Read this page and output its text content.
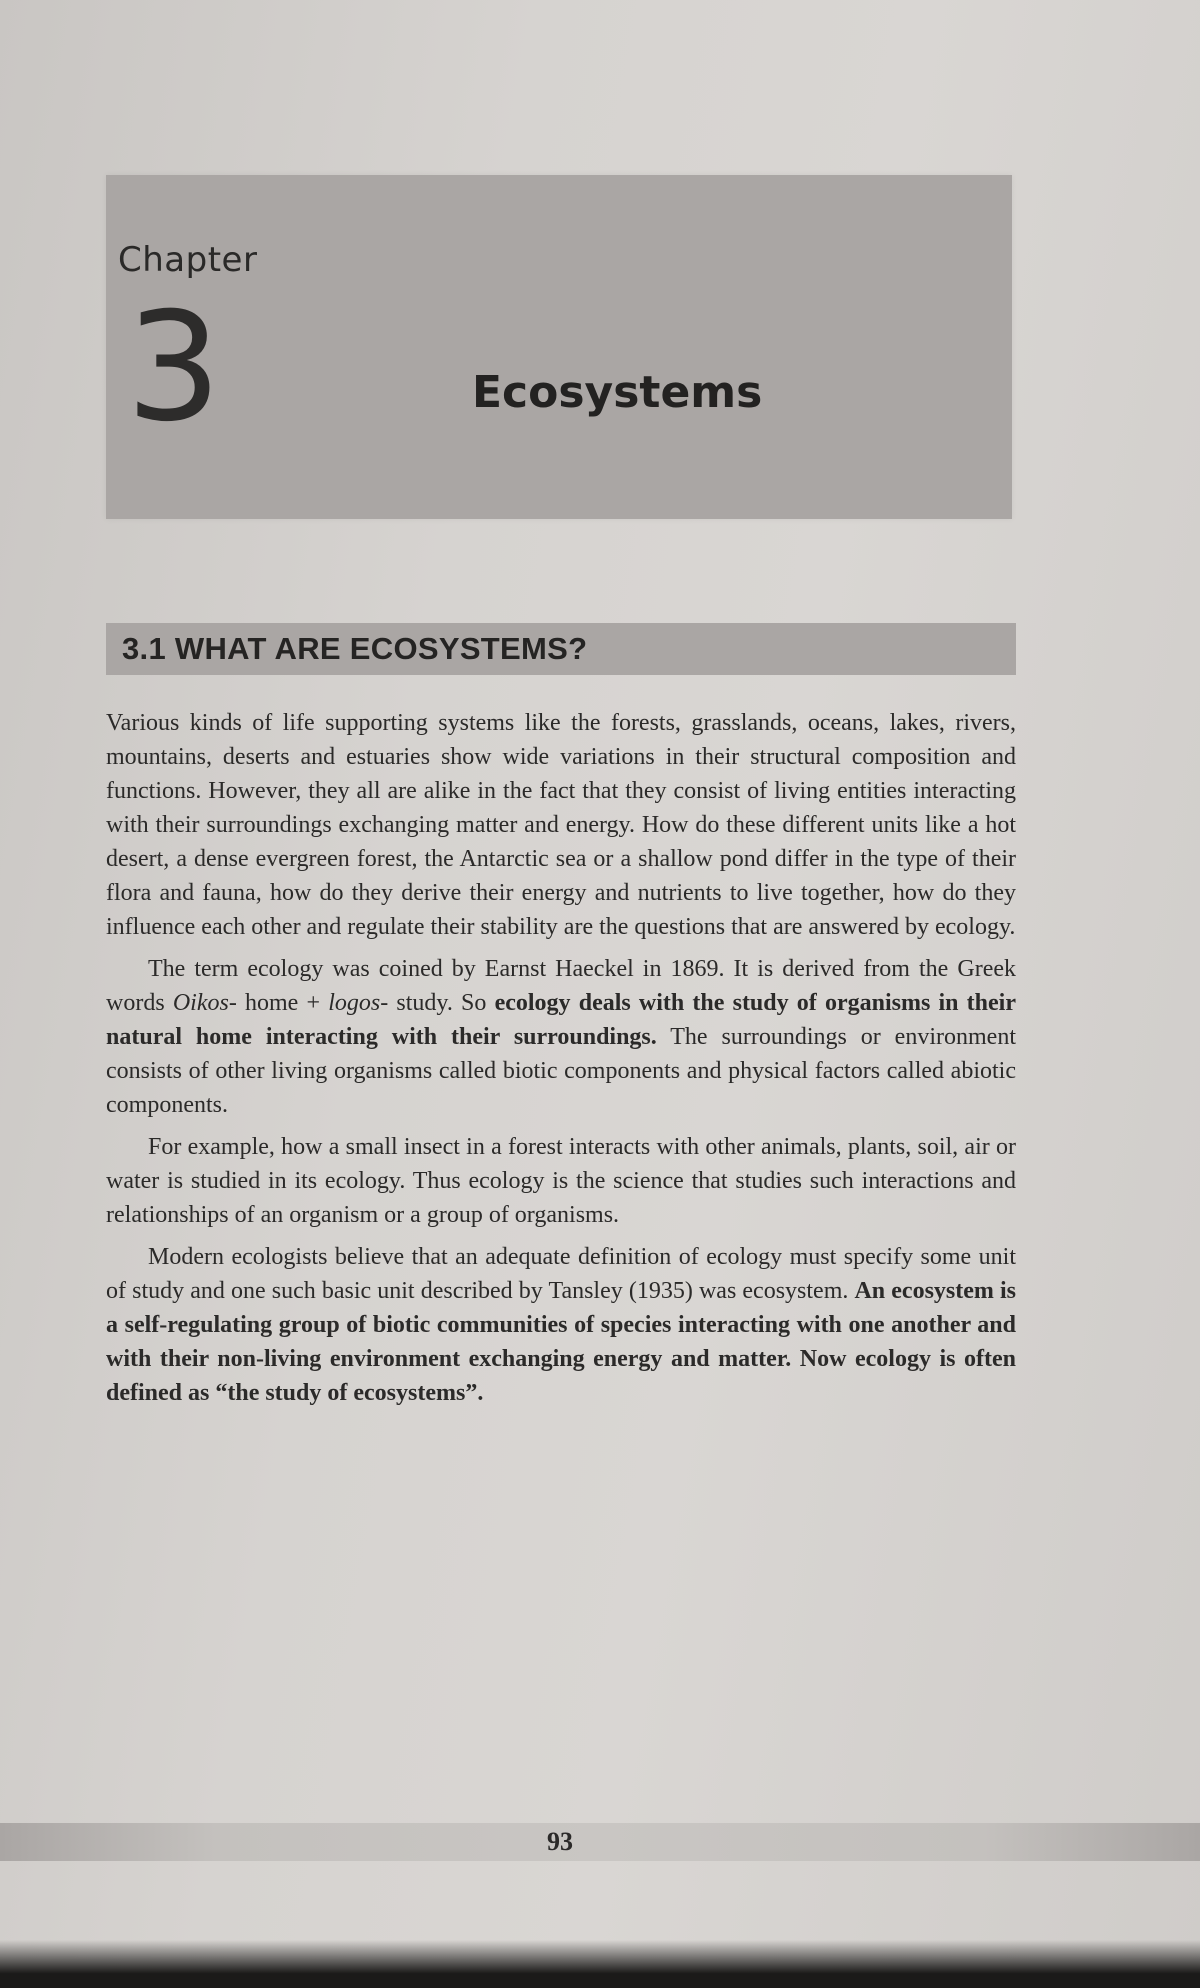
Chapter
3	Ecosystems
3.1 WHAT ARE ECOSYSTEMS?

Various kinds of life supporting systems like the forests, grasslands, oceans, lakes, rivers, mountains, deserts and estuaries show wide variations in their structural composition and functions. However, they all are alike in the fact that they consist of living entities interacting with their surroundings exchanging matter and energy. How do these different units like a hot desert, a dense evergreen forest, the Antarctic sea or a shallow pond differ in the type of their flora and fauna, how do they derive their energy and nutrients to live together, how do they influence each other and regulate their stability are the questions that are answered by ecology.

The term ecology was coined by Earnst Haeckel in 1869. It is derived from the Greek words Oikos- home + logos- study. So ecology deals with the study of organisms in their natural home interacting with their surroundings. The surroundings or environment consists of other living organisms called biotic components and physical factors called abiotic components.

For example, how a small insect in a forest interacts with other animals, plants, soil, air or water is studied in its ecology. Thus ecology is the science that studies such interactions and relationships of an organism or a group of organisms.

Modern ecologists believe that an adequate definition of ecology must specify some unit of study and one such basic unit described by Tansley (1935) was ecosystem. An ecosystem is a self-regulating group of biotic communities of species interacting with one another and with their non-living environment exchanging energy and matter. Now ecology is often defined as “the study of ecosystems”.

93
